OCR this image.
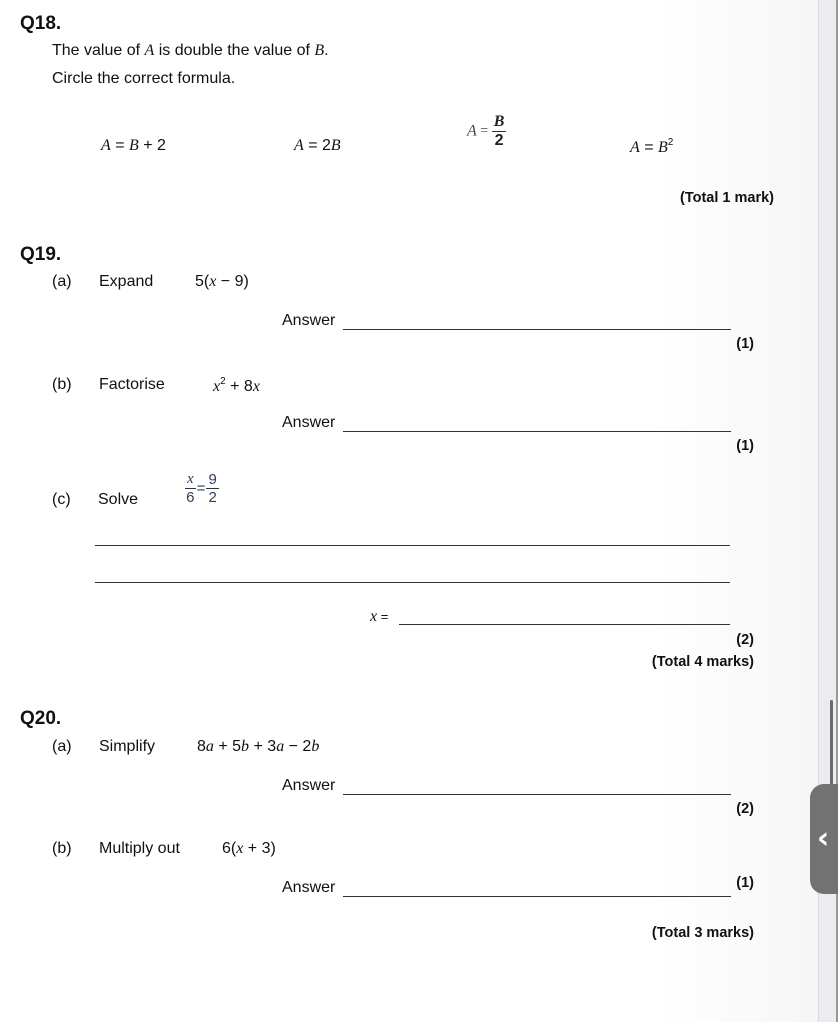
Q18.
The value of A is double the value of B.
Circle the correct formula.
A = B + 2	A = 2B
$A = \frac{B}{2}$	$A = B^2$
(Total 1 mark)
Q19.
(a) Expand	5(x − 9)
Answer
(1)
(b) Factorise	$x^2 + 8x$
Answer
(1)
(c) Solve	$\frac{x}{6} = \frac{9}{2}$
x =
(2)
(Total 4 marks)
Q20.
(a) Simplify	8a + 5b + 3a − 2b
Answer
(2)
(b) Multiply out	6(x + 3)
Answer	(1)
(Total 3 marks)
‹
